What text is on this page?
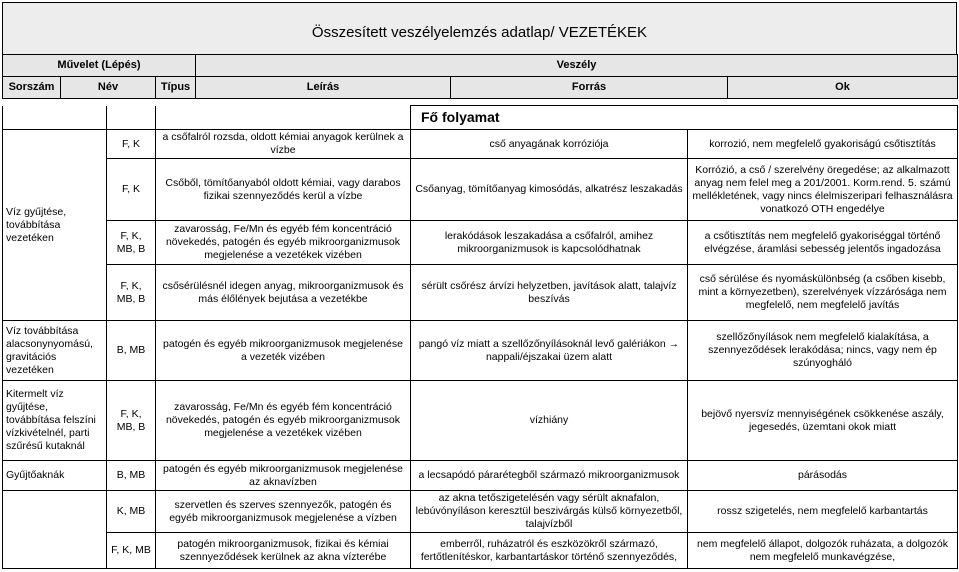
Összesített veszélyelemzés adatlap/ VEZETÉKEK
Művelet (Lépés)			Veszély		
Sorszám	Név	Típus	Leírás	Forrás	Ok
			Fő folyamat	
Víz gyűjtése, továbbítása vezetéken	F, K	a csőfalról rozsda, oldott kémiai anyagok kerülnek a vízbe	cső anyagának korróziója	korrozió, nem megfelelő gyakoriságú csőtisztítás
	F, K	Csőből, tömítőanyaból oldott kémiai, vagy darabos fizikai szennyeződés kerül a vízbe	Csőanyag, tömítőanyag kimosódás, alkatrész leszakadás	Korrózió, a cső / szerelvény öregedése; az alkalmazott anyag nem felel meg a 201/2001. Korm.rend. 5. számú mellékletének, vagy nincs élelmiszeripari felhasználásra vonatkozó OTH engedélye
	F, K, MB, B	zavarosság, Fe/Mn és egyéb fém koncentráció növekedés, patogén és egyéb mikroorganizmusok megjelenése a vezetékek vizében	lerakódások leszakadása a csőfalról, amihez mikroorganizmusok is kapcsolódhatnak	a csőtisztítás nem megfelelő gyakoriséggal történő elvégzése, áramlási sebesség jelentős ingadozása
	F, K, MB, B	csősérülésnél idegen anyag, mikroorganizmusok és más élőlények bejutása a vezetékbe	sérült csőrész árvízi helyzetben, javítások alatt, talajvíz beszívás	cső sérülése és nyomáskülönbség (a csőben kisebb, mint a környezetben), szerelvények vízzárósága nem megfelelő, nem megfelelő javítás
Víz továbbítása alacsonynyomású, gravitációs vezetéken	B, MB	patogén és egyéb mikroorganizmusok megjelenése a vezeték vizében	pangó víz miatt a szellőzőnyílásoknál levő galériákon → nappali/éjszakai üzem alatt	szellőzőnyílások nem megfelelő kialakítása, a szennyeződések lerakódása; nincs, vagy nem ép szúnyogháló
Kitermelt víz gyűjtése, továbbítása felszíni vízkivételnél, parti szűrésű kutaknál	F, K, MB, B	zavarosság, Fe/Mn és egyéb fém koncentráció növekedés, patogén és egyéb mikroorganizmusok megjelenése a vezetékek vizében	vízhiány	bejövő nyersvíz mennyiségének csökkenése aszály, jegesedés, üzemtani okok miatt
Gyűjtőaknák	B, MB	patogén és egyéb mikroorganizmusok megjelenése az aknavízben	a lecsapódó párarétegből származó mikroorganizmusok	párásodás
	K, MB	szervetlen és szerves szennyezők, patogén és egyéb mikroorganizmusok megjelenése a vízben	az akna tetőszigetelésén vagy sérült aknafalon, lebúvónyíláson keresztül beszivárgás külső környezetből, talajvízből	rossz szigetelés, nem megfelelő karbantartás
	F, K, MB	patogén mikroorganizmusok, fizikai és kémiai szennyeződések kerülnek az akna vízterébe	emberről, ruházatról és eszközökről származó, fertőtlenítéskor, karbantartáskor történő szennyeződés,	nem megfelelő állapot, dolgozók ruházata, a dolgozók nem megfelelő munkavégzése,
